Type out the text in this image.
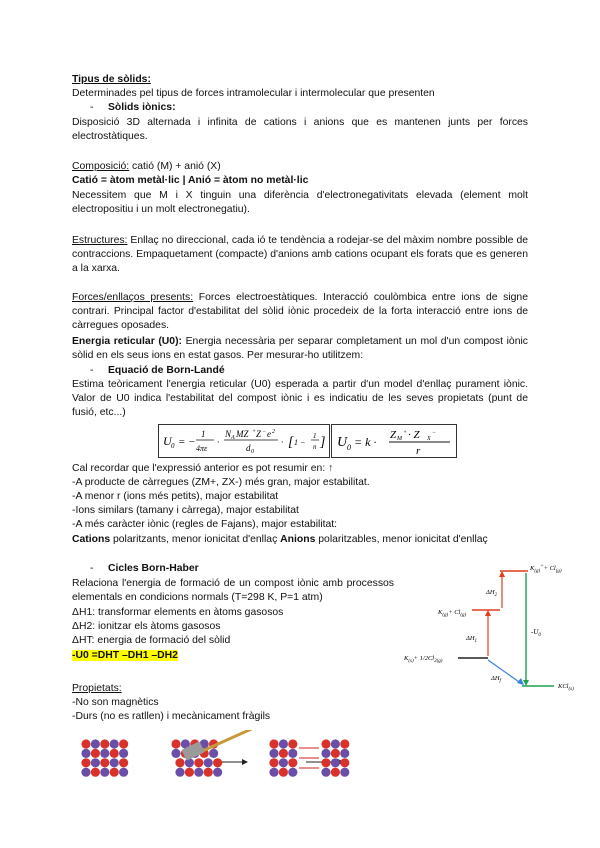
Tipus de sòlids:
Determinades pel tipus de forces intramolecular i intermolecular que presenten
- Sòlids iònics:
Disposició 3D alternada i infinita de cations i anions que es mantenen junts per forces electrostàtiques.
Composició: catió (M) + anió (X)
Catió = àtom metàl·lic | Anió = àtom no metàl·lic
Necessitem que M i X tinguin una diferència d'electronegativitats elevada (element molt electropositiu i un molt electronegatiu).
Estructures: Enllaç no direccional, cada ió te tendència a rodejar-se del màxim nombre possible de contraccions. Empaquetament (compacte) d'anions amb cations ocupant els forats que es generen a la xarxa.
Forces/enllaços presents: Forces electroestàtiques. Interacció coulòmbica entre ions de signe contrari. Principal factor d'estabilitat del sòlid iònic procedeix de la forta interacció entre ions de càrregues oposades.
Energia reticular (U0): Energia necessària per separar completament un mol d'un compost iònic sòlid en els seus ions en estat gasos. Per mesurar-ho utilitzem:
- Equació de Born-Landé
Estima teòricament l'energia reticular (U0) esperada a partir d'un model d'enllaç purament iònic. Valor de U0 indica l'estabilitat del compost iònic i es indicatiu de les seves propietats (punt de fusió, etc...)
U 0 = −
1
4πε
·
N A MZ + Z − e 2
d 0
· [ 1 −
1
n ] U 0 = k · Z M
+ · Z X
−
r
Cal recordar que l'expressió anterior es pot resumir en: ↑
-A producte de càrregues (ZM+, ZX-) més gran, major estabilitat.
-A menor r (ions més petits), major estabilitat
-Ions similars (tamany i càrrega), major estabilitat
-A més caràcter iònic (regles de Fajans), major estabilitat:
Cations polaritzants, menor ionicitat d'enllaç Anions polaritzables, menor ionicitat d'enllaç
- Cicles Born-Haber
Relaciona l'energia de formació de un compost iònic amb processos elementals en condicions normals (T=298 K, P=1 atm)
ΔH1: transformar elements en àtoms gasosos
ΔH2: ionitzar els àtoms gasosos
ΔHT: energia de formació del sòlid
-U0 =DHT –DH1 –DH2
$K_{(g)}^++ Cl_{(g)}$
$K_{(g)}+ Cl_{(g)}$
$K_{(s)}+ 1/2Cl_{2(g)}$
KCl$_{(s)}$
$\Delta H_2$
$\Delta H_1$
$\Delta H_f$
$-U_0$
Propietats:
-No son magnètics
-Durs (no es ratllen) i mecànicament fràgils
